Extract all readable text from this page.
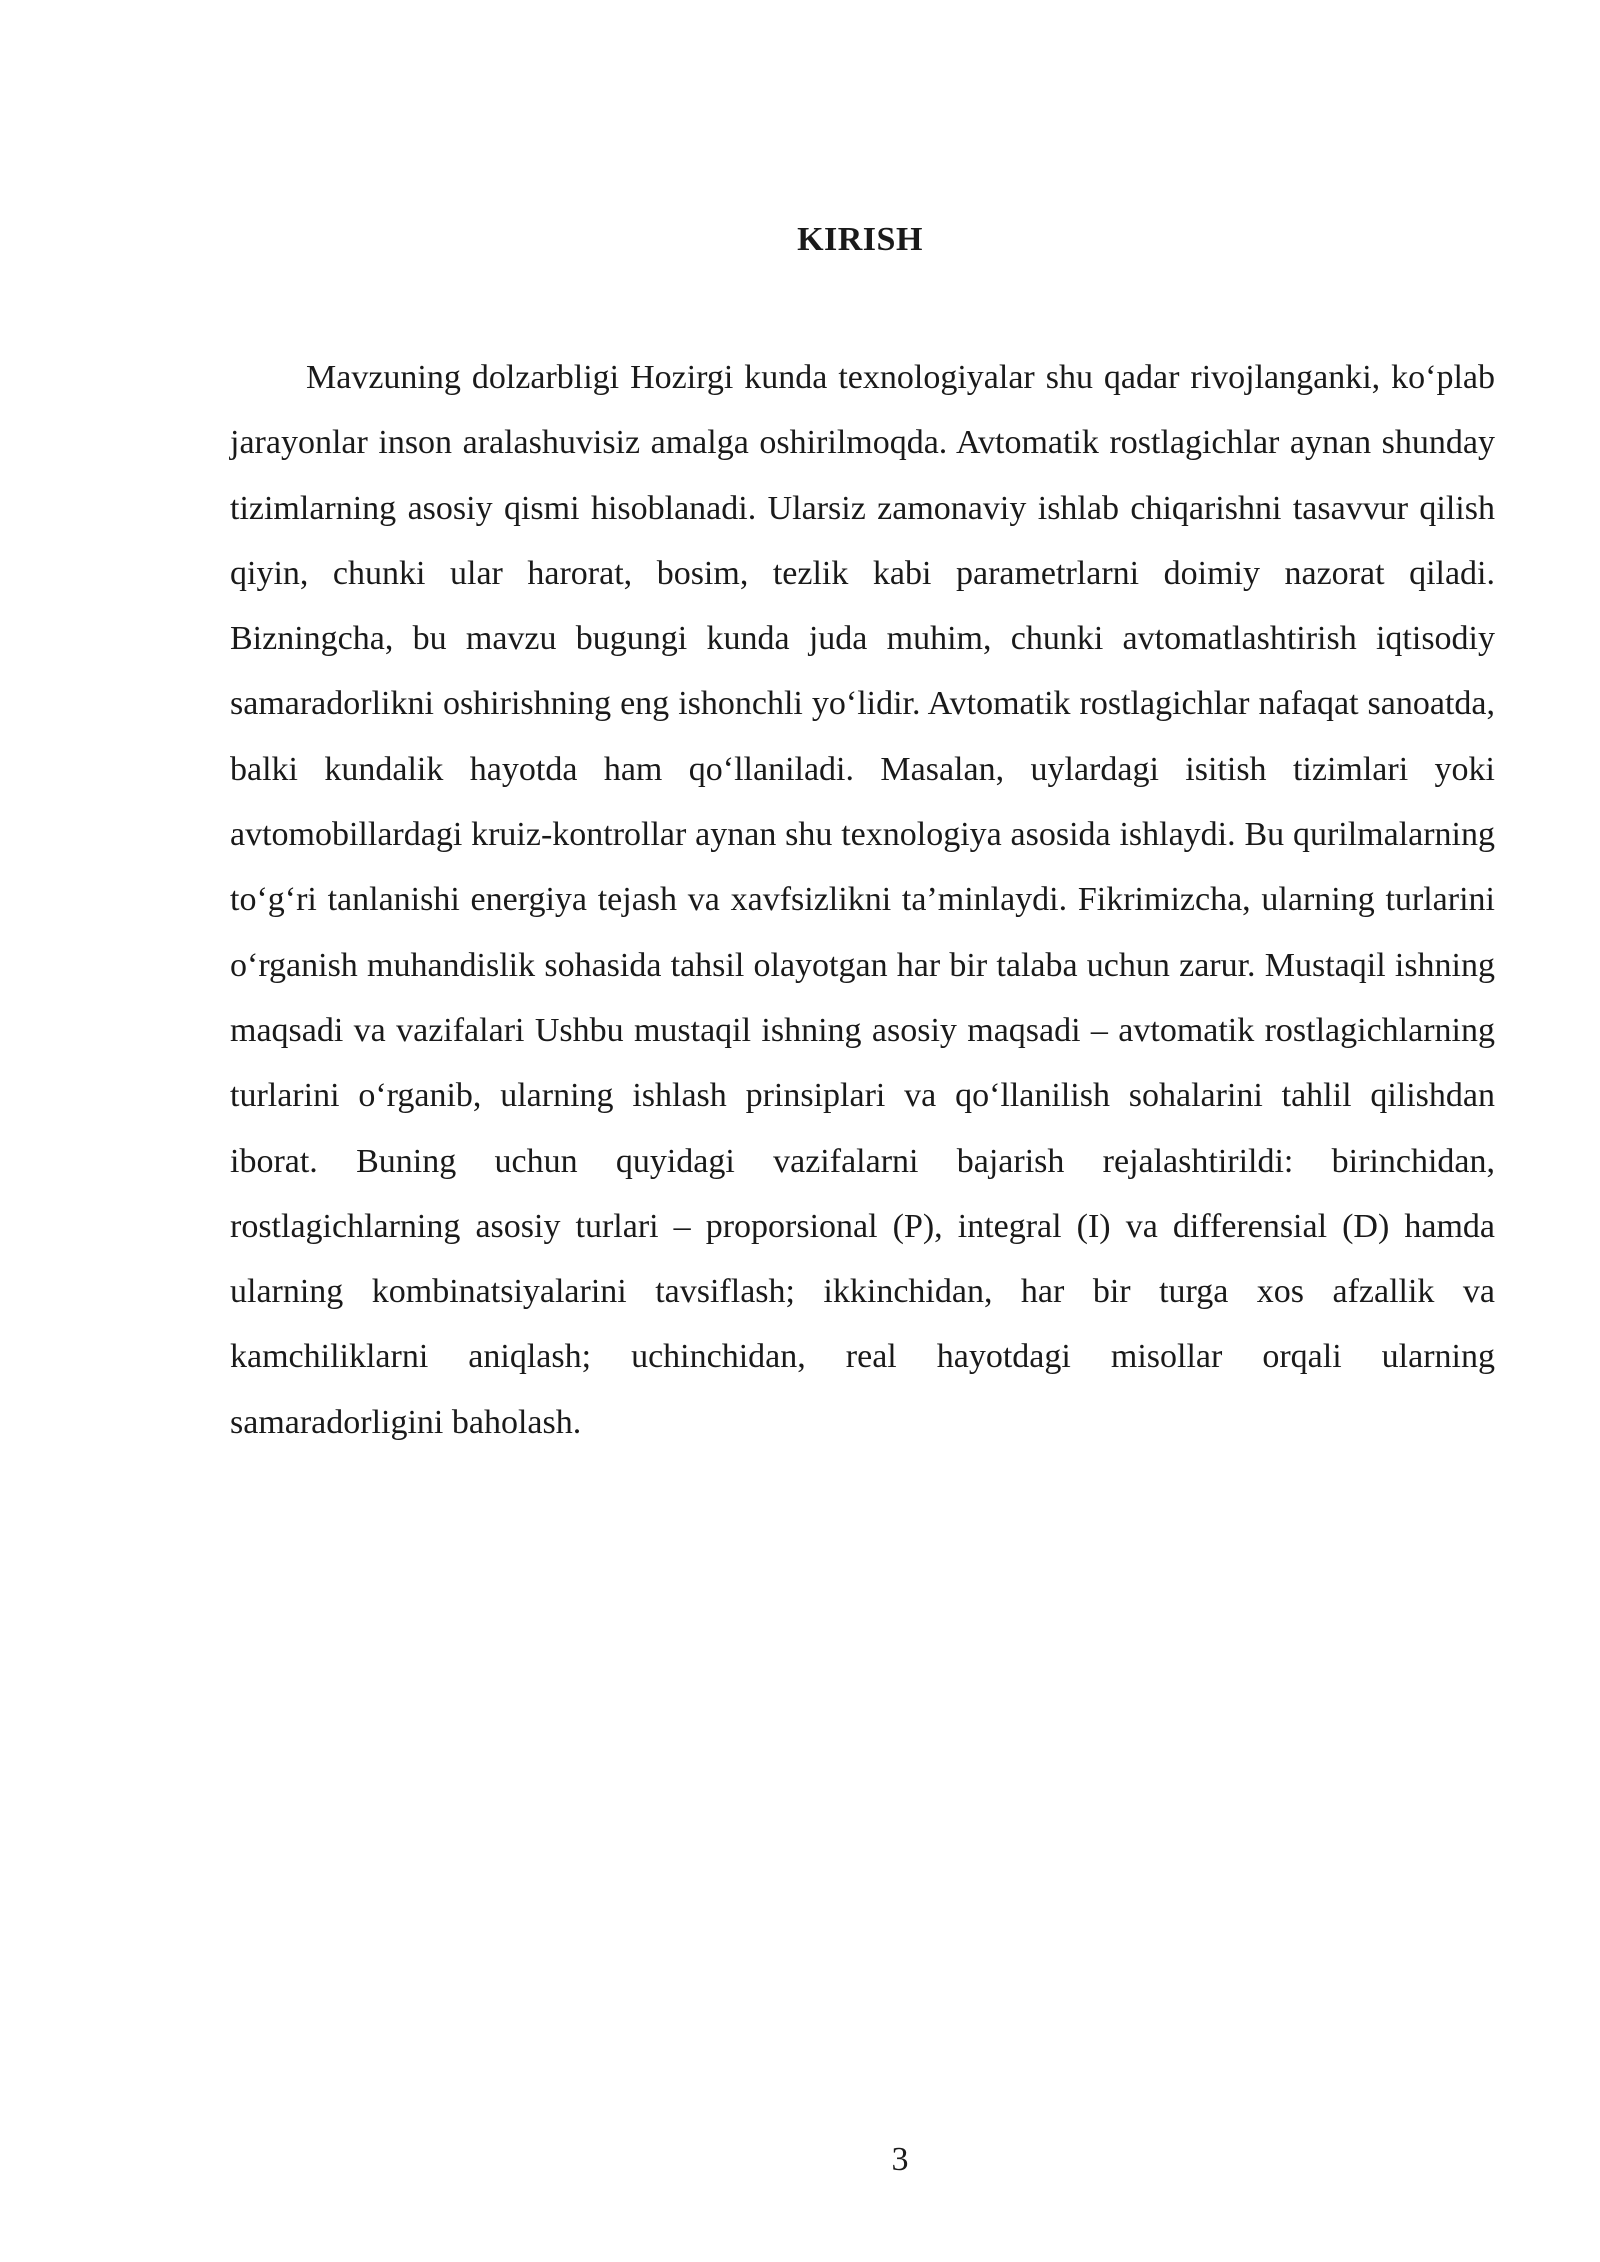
KIRISH

Mavzuning dolzarbligi Hozirgi kunda texnologiyalar shu qadar rivojlanganki, ko‘plab jarayonlar inson aralashuvisiz amalga oshirilmoqda. Avtomatik rostlagichlar aynan shunday tizimlarning asosiy qismi hisoblanadi. Ularsiz zamonaviy ishlab chiqarishni tasavvur qilish qiyin, chunki ular harorat, bosim, tezlik kabi parametrlarni doimiy nazorat qiladi. Bizningcha, bu mavzu bugungi kunda juda muhim, chunki avtomatlashtirish iqtisodiy samaradorlikni oshirishning eng ishonchli yo‘lidir. Avtomatik rostlagichlar nafaqat sanoatda, balki kundalik hayotda ham qo‘llaniladi. Masalan, uylardagi isitish tizimlari yoki avtomobillardagi kruiz-kontrollar aynan shu texnologiya asosida ishlaydi. Bu qurilmalarning to‘g‘ri tanlanishi energiya tejash va xavfsizlikni ta’minlaydi. Fikrimizcha, ularning turlarini o‘rganish muhandislik sohasida tahsil olayotgan har bir talaba uchun zarur. Mustaqil ishning maqsadi va vazifalari Ushbu mustaqil ishning asosiy maqsadi – avtomatik rostlagichlarning turlarini o‘rganib, ularning ishlash prinsiplari va qo‘llanilish sohalarini tahlil qilishdan iborat. Buning uchun quyidagi vazifalarni bajarish rejalashtirildi: birinchidan, rostlagichlarning asosiy turlari – proporsional (P), integral (I) va differensial (D) hamda ularning kombinatsiyalarini tavsiflash; ikkinchidan, har bir turga xos afzallik va kamchiliklarni aniqlash; uchinchidan, real hayotdagi misollar orqali ularning samaradorligini baholash.

3
